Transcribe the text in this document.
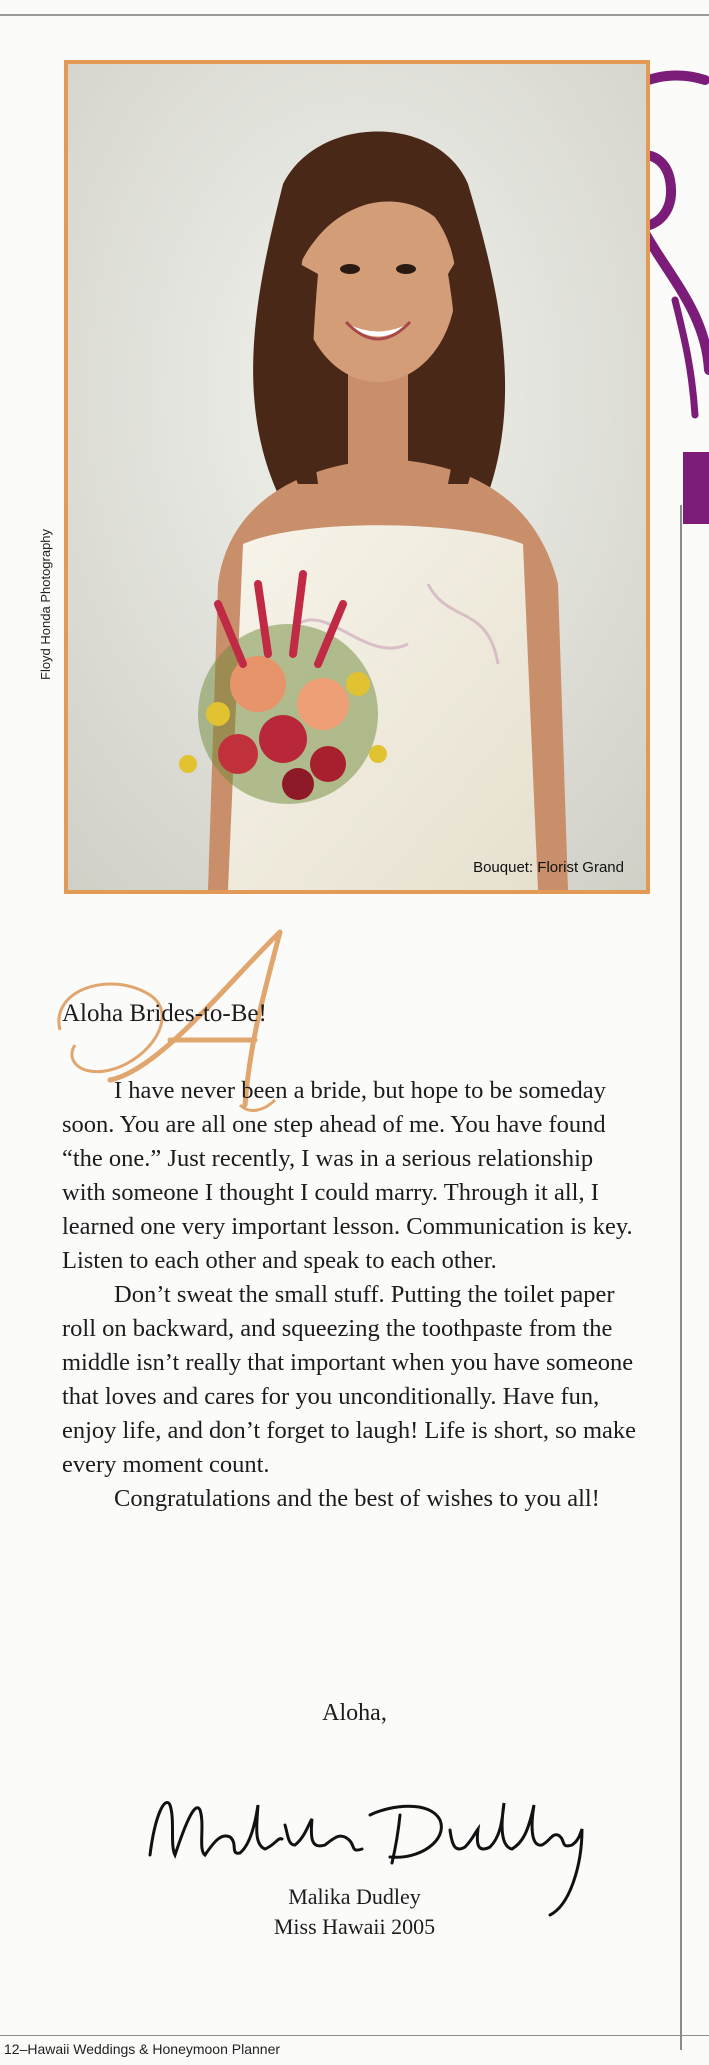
Bouquet: Florist Grand
Floyd Honda Photography
Aloha Brides-to-Be!

I have never been a bride, but hope to be someday soon. You are all one step ahead of me. You have found “the one.” Just recently, I was in a serious relationship with someone I thought I could marry. Through it all, I learned one very important lesson. Communication is key. Listen to each other and speak to each other.

Don’t sweat the small stuff. Putting the toilet paper roll on backward, and squeezing the toothpaste from the middle isn’t really that important when you have someone that loves and cares for you unconditionally. Have fun, enjoy life, and don’t forget to laugh! Life is short, so make every moment count.

Congratulations and the best of wishes to you all!

Aloha,
Malika Dudley
Miss Hawaii 2005
12–Hawaii Weddings & Honeymoon Planner
